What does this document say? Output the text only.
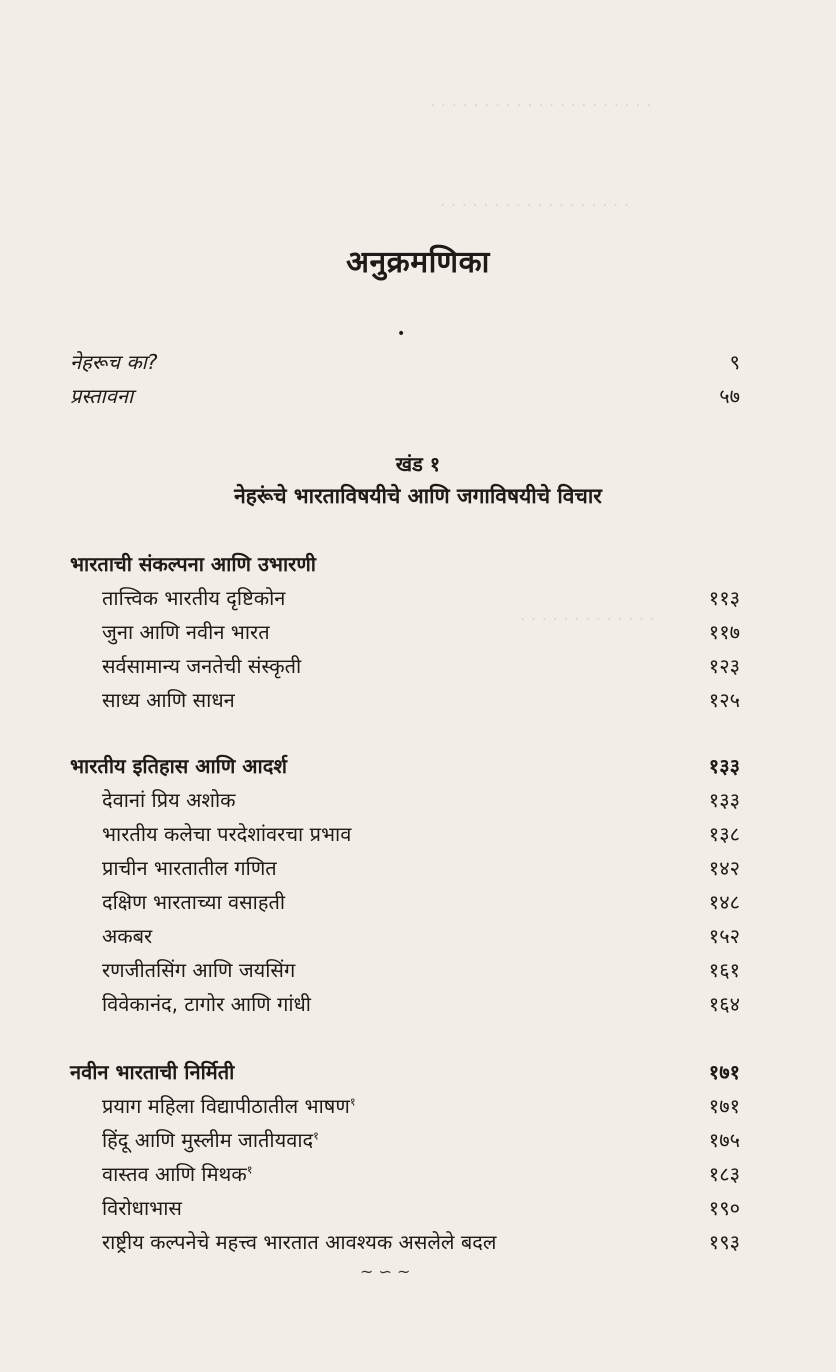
· · · · · · · · · · · · · · · · · · · · ·
· · · · · · · · · · · · · · · · · ·
· · · · · · · · · · · · ·
अनुक्रमणिका
•
नेहरूच का?	९
प्रस्तावना	५७
खंड १
नेहरूंचे भारताविषयीचे आणि जगाविषयीचे विचार
भारताची संकल्पना आणि उभारणी
तात्त्विक भारतीय दृष्टिकोन	११३
जुना आणि नवीन भारत	११७
सर्वसामान्य जनतेची संस्कृती	१२३
साध्य आणि साधन	१२५
भारतीय इतिहास आणि आदर्श	१३३
देवानां प्रिय अशोक	१३३
भारतीय कलेचा परदेशांवरचा प्रभाव	१३८
प्राचीन भारतातील गणित	१४२
दक्षिण भारताच्या वसाहती	१४८
अकबर	१५२
रणजीतसिंग आणि जयसिंग	१६१
विवेकानंद, टागोर आणि गांधी	१६४
नवीन भारताची निर्मिती	१७१
प्रयाग महिला विद्यापीठातील भाषण$^१$	१७१
हिंदू आणि मुस्लीम जातीयवाद$^१$	१७५
वास्तव आणि मिथक$^१$	१८३
विरोधाभास	१९०
राष्ट्रीय कल्पनेचे महत्त्व भारतात आवश्यक असलेले बदल	१९३
~ ∽ ~
